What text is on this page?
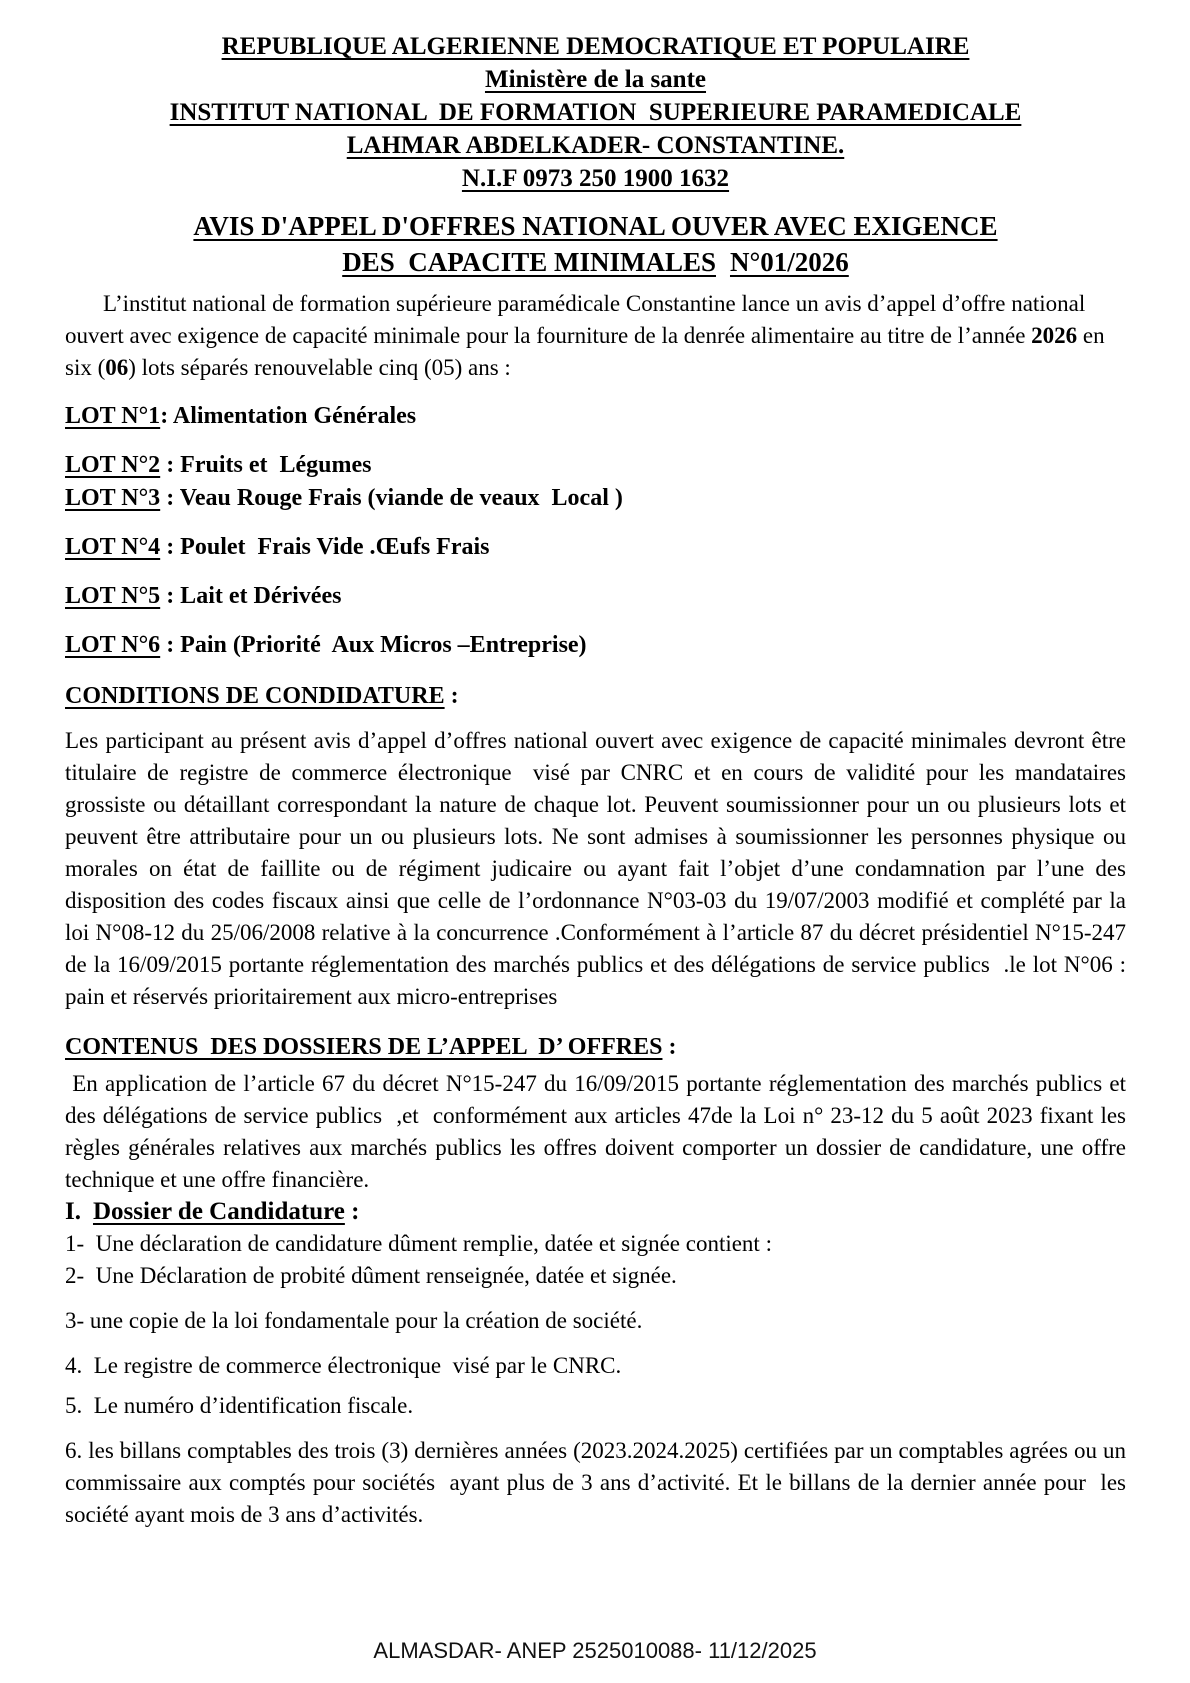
REPUBLIQUE ALGERIENNE DEMOCRATIQUE ET POPULAIRE
Ministère de la sante
INSTITUT NATIONAL  DE FORMATION  SUPERIEURE PARAMEDICALE
LAHMAR ABDELKADER- CONSTANTINE.
N.I.F 0973 250 1900 1632
AVIS D'APPEL D'OFFRES NATIONAL OUVER AVEC EXIGENCE
DES  CAPACITE MINIMALES N°01/2026

L’institut national de formation supérieure paramédicale Constantine lance un avis d’appel d’offre national ouvert avec exigence de capacité minimale pour la fourniture de la denrée alimentaire au titre de l’année 2026 en six (06) lots séparés renouvelable cinq (05) ans :

LOT N°1: Alimentation Générales
LOT N°2 : Fruits et  Légumes
LOT N°3 : Veau Rouge Frais (viande de veaux  Local )
LOT N°4 : Poulet  Frais Vide .Œufs Frais
LOT N°5 : Lait et Dérivées
LOT N°6 : Pain (Priorité  Aux Micros –Entreprise)
CONDITIONS DE CONDIDATURE :

Les participant au présent avis d’appel d’offres national ouvert avec exigence de capacité minimales devront être titulaire de registre de commerce électronique  visé par CNRC et en cours de validité pour les mandataires grossiste ou détaillant correspondant la nature de chaque lot. Peuvent soumissionner pour un ou plusieurs lots et peuvent être attributaire pour un ou plusieurs lots. Ne sont admises à soumissionner les personnes physique ou morales on état de faillite ou de régiment judicaire ou ayant fait l’objet d’une condamnation par l’une des disposition des codes fiscaux ainsi que celle de l’ordonnance N°03-03 du 19/07/2003 modifié et complété par la loi N°08-12 du 25/06/2008 relative à la concurrence .Conformément à l’article 87 du décret présidentiel N°15-247 de la 16/09/2015 portante réglementation des marchés publics et des délégations de service publics  .le lot N°06 : pain et réservés prioritairement aux micro-entreprises

CONTENUS  DES DOSSIERS DE L’APPEL  D’ OFFRES :

En application de l’article 67 du décret N°15-247 du 16/09/2015 portante réglementation des marchés publics et des délégations de service publics  ,et  conformément aux articles 47de la Loi n° 23-12 du 5 août 2023 fixant les règles générales relatives aux marchés publics les offres doivent comporter un dossier de candidature, une offre technique et une offre financière.

I. Dossier de Candidature :

1-  Une déclaration de candidature dûment remplie, datée et signée contient :

2-  Une Déclaration de probité dûment renseignée, datée et signée.

3- une copie de la loi fondamentale pour la création de société.

4.  Le registre de commerce électronique  visé par le CNRC.

5.  Le numéro d’identification fiscale.

6. les billans comptables des trois (3) dernières années (2023.2024.2025) certifiées par un comptables agrées ou un commissaire aux comptés pour sociétés  ayant plus de 3 ans d’activité. Et le billans de la dernier année pour  les société ayant mois de 3 ans d’activités.

ALMASDAR- ANEP 2525010088- 11/12/2025
